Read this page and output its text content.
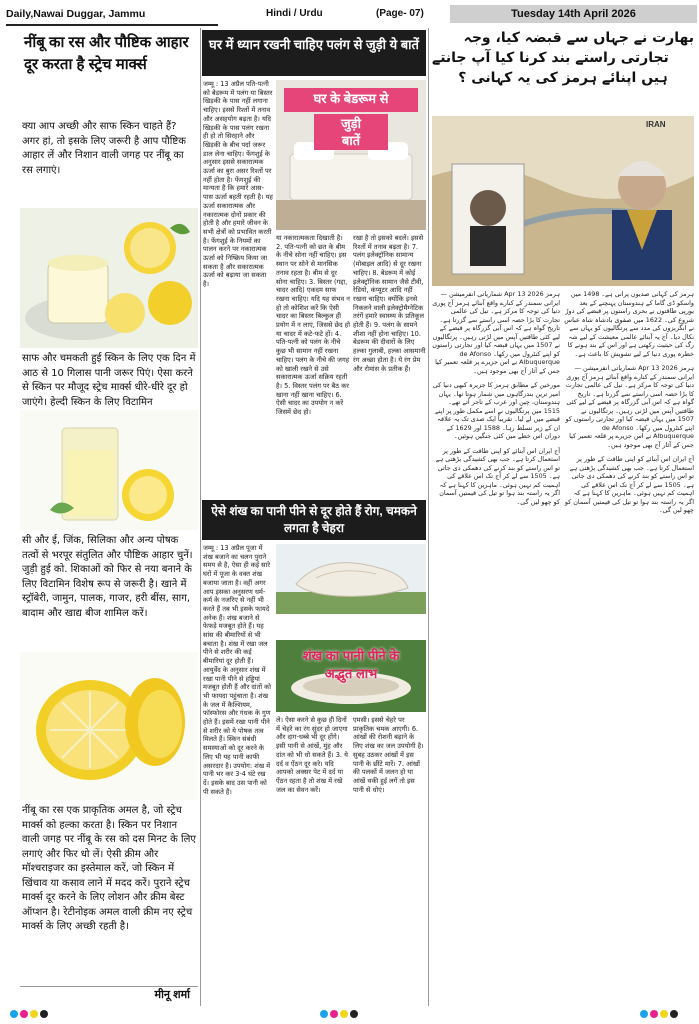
Daily,Nawai Duggar, Jammu	Hindi / Urdu	(Page- 07)	Tuesday 14th April 2026
नींबू का रस और पौष्टिक आहार दूर करता है स्ट्रेच मार्क्स
क्या आप अच्छी और साफ स्किन चाहते हैं? अगर हां, तो इसके लिए जरूरी है आप पौष्टिक आहार लें और निशान वाली जगह पर नींबू का रस लगाएं।
साफ और चमकती हुई स्किन के लिए एक दिन में आठ से 10 गिलास पानी जरूर पिएं। ऐसा करने से स्किन पर मौजूद स्ट्रेच मार्क्स धीरे-धीरे दूर हो जाएंगे। हेल्दी स्किन के लिए विटामिन
सी और ई, जिंक, सिलिका और अन्य पोषक तत्वों से भरपूर संतुलित और पौष्टिक आहार चुनें। जुड़ी हुई को. शिकाओं को फिर से नया बनाने के लिए विटामिन विशेष रूप से जरूरी है। खाने में स्ट्रॉबेरी, जामुन, पालक, गाजर, हरी बींस, साग, बादाम और खाद्य बीज शामिल करें।
नींबू का रस एक प्राकृतिक अमल है, जो स्ट्रेच मार्क्स को हल्का करता है। स्किन पर निशान वाली जगह पर नींबू के रस को दस मिनट के लिए लगाएं और फिर धो लें। ऐसी क्रीम और मॉश्चराइजर का इस्तेमाल करें, जो स्किन में खिंचाव या कसाव लाने में मदद करें। पुराने स्ट्रेच मार्क्स दूर करने के लिए लोशन और क्रीम बेस्ट ऑप्शन है। रेटीनोइक अमल वाली क्रीम नए स्ट्रेच मार्क्स के लिए अच्छी रहती है।
मीनू शर्मा
घर में ध्यान रखनी चाहिए पलंग से जुड़ी ये बातें
जम्मू : 13 अप्रैल पति-पत्नी को बेडरूम में पलंग या बिस्तर खिड़की के पास नहीं लगाना चाहिए। इससे रिश्तों में तनाव और असहयोग बढ़ता है। यदि खिड़की के पास पलंग रखना ही हो तो सिरहाने और खिड़की के बीच पर्दा जरूर डाल लेना चाहिए। फेंगशुई के अनुसार इससे सकारात्मक ऊर्जा का बुरा असर रिश्तों पर नहीं होता है। फेंगशुई की मान्यता है कि हमारे आस-पास ऊर्जा बहती रहती है। यह ऊर्जा सकारात्मक और नकारात्मक दोनों प्रकार की होती है और हमारे जीवन के सभी क्षेत्रों को प्रभावित करती है। फेंगशुई के नियमों का पालन करने पर नकारात्मक ऊर्जा को निष्क्रिय किया जा सकता है और सकारात्मक ऊर्जा को बढ़ाया जा सकता है।
घर के बेडरूम से
जुड़ी
बातें
या नकारात्मकता दिखाती है। 2. पति-पत्नी को छत के बीम के नीचे सोना नहीं चाहिए। इस स्थान पर सोने से मानसिक तनाव रहता है। बीम से दूर सोना चाहिए। 3. बिस्तर (गद्दा, चादर आदि) एकदम साफ रखना चाहिए। यदि यह संभव न हो तो कोशिश करें कि ऐसी चादर का बिस्तर बिल्कुल ही प्रयोग में न लाएं, जिससे छेद हो या चादर में कटे-फटे हों। 4. पति-पत्नी को पलंग के नीचे कुछ भी सामान नहीं रखना चाहिए। पलंग के नीचे की जगह को खाली रखने से उसे सकारात्मक ऊर्जा सक्रिय रहती है। 5. विस्तर पलंग पर बैठ कर खाना नहीं खाना चाहिए। 6. ऐसी चादर का उपयोग न करें जिसमें छेद हो।
रखा है तो इसको बदलें। इससे रिश्तों में तनाव बढ़ता है। 7. पलंग इलेक्ट्रॉनिक सामान्य (मोबाइल आदि) से दूर रखना चाहिए। 8. बेडरूम में कोई इलेक्ट्रॉनिक सामान जैसे टीवी, रेडियो, कंप्यूटर आदि नहीं रखना चाहिए। क्योंकि इनसे निकलने वाली इलेक्ट्रोमैग्नेटिक तरंगें हमारे स्वास्थ्य के प्रतिकूल होती हैं। 9. पलंग के सामने शीशा नहीं होना चाहिए। 10. बेडरूम की दीवारों के लिए हल्का गुलाबी, हल्का आसमानी रंग अच्छा होता है। ये रंग प्रेम और रोमांस के प्रतीक हैं।
ऐसे शंख का पानी पीने से दूर होते हैं रोग, चमकने लगता है चेहरा
जम्मू : 13 अप्रैल पूजा में शंख बजाने का चलन पुराने समय से है, ऐसा ही कई सारे घरों में पूजा के वक्त शंख बजाया जाता है। वहीं अगर आप इसका अनुसरण धर्म-कर्म के नजरिए से नहीं भी करते हैं तब भी इसके फायदे अनेक हैं। शंख बजाने से फेफड़े मजबूत होते हैं। यह सांस की बीमारियों से भी बचाता है। शंख में रखा जल पीने से शरीर की कई बीमारियां दूर होती हैं। आयुर्वेद के अनुसार शंख में रखा पानी पीने से हड्डियां मजबूत होती हैं और दांतों को भी फायदा पहुंचाता है। शंख के जल में कैल्शियम, फॉस्फोरस और गंधक के गुण होते हैं। इसमें रखा पानी पीने से शरीर को ये पोषक तत्व मिलते हैं। स्किन संबंधी समस्याओं को दूर करने के लिए भी यह पानी काफी असरदार है। उपयोग: शंख में पानी भर कर 3-4 घंटे रख दें। इसके बाद उस पानी को पी सकते हैं।
शंख का पानी पीने के
अद्भुत लाभ
ले। ऐसा करने से कुछ ही दिनों में चेहरे का रंग सुंदर हो जाएगा और दाग-धब्बे भी दूर होंगे। इसी पानी से आंखें, मुंह और दांत को भी धो सकते हैं। 3. ये दर्द व ऐंठन दूर करे। यदि आपको अक्सर पेट में दर्द या ऐंठन रहता है तो शंख में रखे जल का सेवन करें।
एमसी। इससे चेहरे पर प्राकृतिक चमक आएगी। 6. आंखों की रोशनी बढ़ाने के लिए शंख का जल उपयोगी है। सुबह उठकर आंखों में इस पानी के छींटे मारें। 7. आंखों की पलकों में जलन हो या आंखें थकी हुई लगें तो इस पानी से धोएं।
بھارت نے جہاں سے قبضہ کیا، وجہ
تجارتی راستے بند کرنا کیا آپ جانتے
ہیں اپنائے ہرمز کی یہ کہانی ؟
IRAN
ہرمز 2026 Apr 13 شماریاتی انفرمیشن — ایرانی سمندر کے کنارے واقع آبنائے ہرمز آج پوری دنیا کی توجہ کا مرکز ہے۔ تیل کی عالمی تجارت کا بڑا حصہ اسی راستے سے گزرتا ہے۔ تاریخ گواہ ہے کہ اس آبی گزرگاہ پر قبضے کے لیے کئی طاقتیں آپس میں لڑتی رہیں۔ پرتگالیوں نے 1507 میں یہاں قبضہ کیا اور تجارتی راستوں کو اپنے کنٹرول میں رکھا۔ de Afonso Albuquerque نے اس جزیرے پر قلعہ تعمیر کیا جس کے آثار آج بھی موجود ہیں۔
مورخین کے مطابق ہرمز کا جزیرہ کبھی دنیا کی امیر ترین بندرگاہوں میں شمار ہوتا تھا۔ یہاں ہندوستان، چین اور عرب کے تاجر آتے تھے۔ 1515 میں پرتگالیوں نے اسے مکمل طور پر اپنے قبضے میں لے لیا۔ تقریباً ایک صدی تک یہ علاقہ ان کے زیر تسلط رہا۔ 1588 اور 1629 کے دوران اس خطے میں کئی جنگیں ہوئیں۔
آج ایران اس آبنائے کو اپنی طاقت کے طور پر استعمال کرتا ہے۔ جب بھی کشیدگی بڑھتی ہے تو اس راستے کو بند کرنے کی دھمکی دی جاتی ہے۔ 1505 سے لے کر آج تک اس علاقے کی اہمیت کم نہیں ہوئی۔ ماہرین کا کہنا ہے کہ اگر یہ راستہ بند ہوا تو تیل کی قیمتیں آسمان کو چھو لیں گی۔
ہرمز کی کہانی صدیوں پرانی ہے۔ 1498 میں واسکو ڈی گاما کے ہندوستان پہنچنے کے بعد یورپی طاقتوں نے بحری راستوں پر قبضے کی دوڑ شروع کی۔ 1622 میں صفوی بادشاہ شاہ عباس نے انگریزوں کی مدد سے پرتگالیوں کو یہاں سے نکال دیا۔ آج یہ آبنائے عالمی معیشت کے لیے شہ رگ کی حیثیت رکھتی ہے اور اس کے بند ہونے کا خطرہ پوری دنیا کے لیے تشویش کا باعث ہے۔
ہرمز 2026 Apr 13 شماریاتی انفرمیشن — ایرانی سمندر کے کنارے واقع آبنائے ہرمز آج پوری دنیا کی توجہ کا مرکز ہے۔ تیل کی عالمی تجارت کا بڑا حصہ اسی راستے سے گزرتا ہے۔ تاریخ گواہ ہے کہ اس آبی گزرگاہ پر قبضے کے لیے کئی طاقتیں آپس میں لڑتی رہیں۔ پرتگالیوں نے 1507 میں یہاں قبضہ کیا اور تجارتی راستوں کو اپنے کنٹرول میں رکھا۔ de Afonso Albuquerque نے اس جزیرے پر قلعہ تعمیر کیا جس کے آثار آج بھی موجود ہیں۔
آج ایران اس آبنائے کو اپنی طاقت کے طور پر استعمال کرتا ہے۔ جب بھی کشیدگی بڑھتی ہے تو اس راستے کو بند کرنے کی دھمکی دی جاتی ہے۔ 1505 سے لے کر آج تک اس علاقے کی اہمیت کم نہیں ہوئی۔ ماہرین کا کہنا ہے کہ اگر یہ راستہ بند ہوا تو تیل کی قیمتیں آسمان کو چھو لیں گی۔
